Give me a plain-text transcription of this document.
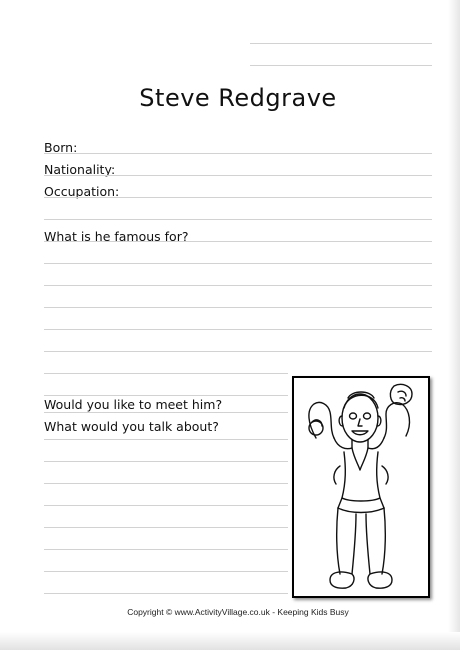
Steve Redgrave
Born:
Nationality:
Occupation:
What is he famous for?
Would you like to meet him?
What would you talk about?
Copyright © www.ActivityVillage.co.uk - Keeping Kids Busy
